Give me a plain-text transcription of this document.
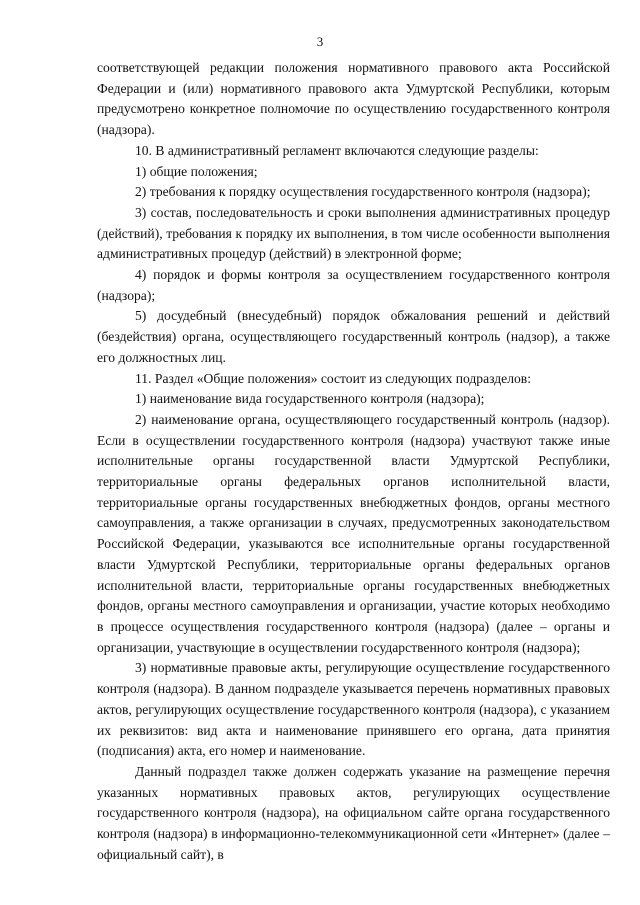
3

соответствующей редакции положения нормативного правового акта Российской Федерации и (или) нормативного правового акта Удмуртской Республики, которым предусмотрено конкретное полномочие по осуществлению государственного контроля (надзора).

10. В административный регламент включаются следующие разделы:

1) общие положения;

2) требования к порядку осуществления государственного контроля (надзора);

3) состав, последовательность и сроки выполнения административных процедур (действий), требования к порядку их выполнения, в том числе особенности выполнения административных процедур (действий) в электронной форме;

4) порядок и формы контроля за осуществлением государственного контроля (надзора);

5) досудебный (внесудебный) порядок обжалования решений и действий (бездействия) органа, осуществляющего государственный контроль (надзор), а также его должностных лиц.

11. Раздел «Общие положения» состоит из следующих подразделов:

1) наименование вида государственного контроля (надзора);

2) наименование органа, осуществляющего государственный контроль (надзор). Если в осуществлении государственного контроля (надзора) участвуют также иные исполнительные органы государственной власти Удмуртской Республики, территориальные органы федеральных органов исполнительной власти, территориальные органы государственных внебюджетных фондов, органы местного самоуправления, а также организации в случаях, предусмотренных законодательством Российской Федерации, указываются все исполнительные органы государственной власти Удмуртской Республики, территориальные органы федеральных органов исполнительной власти, территориальные органы государственных внебюджетных фондов, органы местного самоуправления и организации, участие которых необходимо в процессе осуществления государственного контроля (надзора) (далее – органы и организации, участвующие в осуществлении государственного контроля (надзора);

3) нормативные правовые акты, регулирующие осуществление государственного контроля (надзора). В данном подразделе указывается перечень нормативных правовых актов, регулирующих осуществление государственного контроля (надзора), с указанием их реквизитов: вид акта и наименование принявшего его органа, дата принятия (подписания) акта, его номер и наименование.

Данный подраздел также должен содержать указание на размещение перечня указанных нормативных правовых актов, регулирующих осуществление государственного контроля (надзора), на официальном сайте органа государственного контроля (надзора) в информационно-телекоммуникационной сети «Интернет» (далее – официальный сайт), в
